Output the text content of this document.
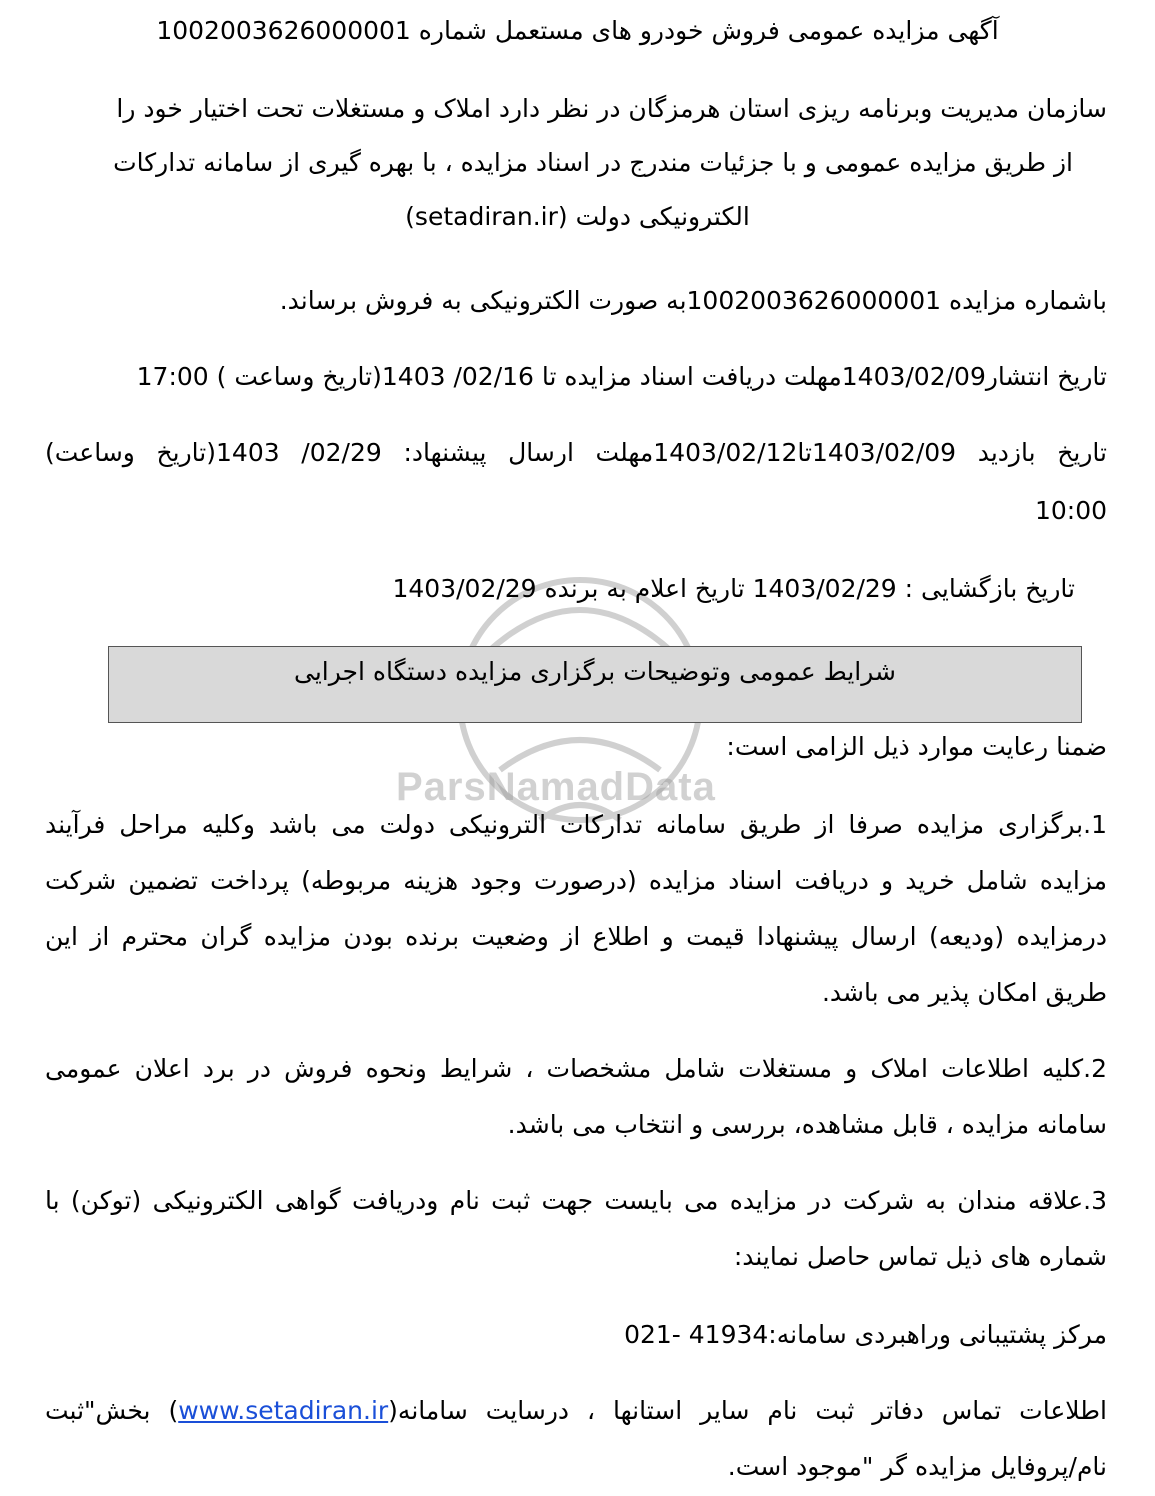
ParsNamadData
آگهی مزایده عمومی فروش خودرو های مستعمل شماره 1002003626000001
سازمان مدیریت وبرنامه ریزی استان هرمزگان در نظر دارد املاک و مستغلات تحت اختیار خود را
از طریق مزایده عمومی و با جزئیات مندرج در اسناد مزایده ، با بهره گیری از سامانه تدارکات
الکترونیکی دولت (setadiran.ir)
باشماره مزایده 1002003626000001به صورت الکترونیکی به فروش برساند.
تاریخ انتشار1403/02/09مهلت دریافت اسناد مزایده تا 02/16/ 1403(تاریخ وساعت ) 17:00
تاریخ بازدید 1403/02/09تا1403/02/12مهلت ارسال پیشنهاد: 02/29/ 1403(تاریخ وساعت)
10:00
تاریخ بازگشایی : 1403/02/29 تاریخ اعلام به برنده 1403/02/29
شرایط عمومی وتوضیحات برگزاری مزایده دستگاه اجرایی
ضمنا رعایت موارد ذیل الزامی است:
1.برگزاری مزایده صرفا از طریق سامانه تدارکات الترونیکی دولت می باشد وکلیه مراحل فرآیند
مزایده شامل خرید و دریافت اسناد مزایده (درصورت وجود هزینه مربوطه) پرداخت تضمین شرکت
درمزایده (ودیعه) ارسال پیشنهادا قیمت و اطلاع از وضعیت برنده بودن مزایده گران محترم از این
طریق امکان پذیر می باشد.
2.کلیه اطلاعات املاک و مستغلات شامل مشخصات ، شرایط ونحوه فروش در برد اعلان عمومی
سامانه مزایده ، قابل مشاهده، بررسی و انتخاب می باشد.
3.علاقه مندان به شرکت در مزایده می بایست جهت ثبت نام ودریافت گواهی الکترونیکی (توکن) با
شماره های ذیل تماس حاصل نمایند:
مرکز پشتیبانی وراهبردی سامانه:41934 -021
اطلاعات تماس دفاتر ثبت نام سایر استانها ، درسایت سامانه(www.setadiran.ir) بخش"ثبت
نام/پروفایل مزایده گر "موجود است.
